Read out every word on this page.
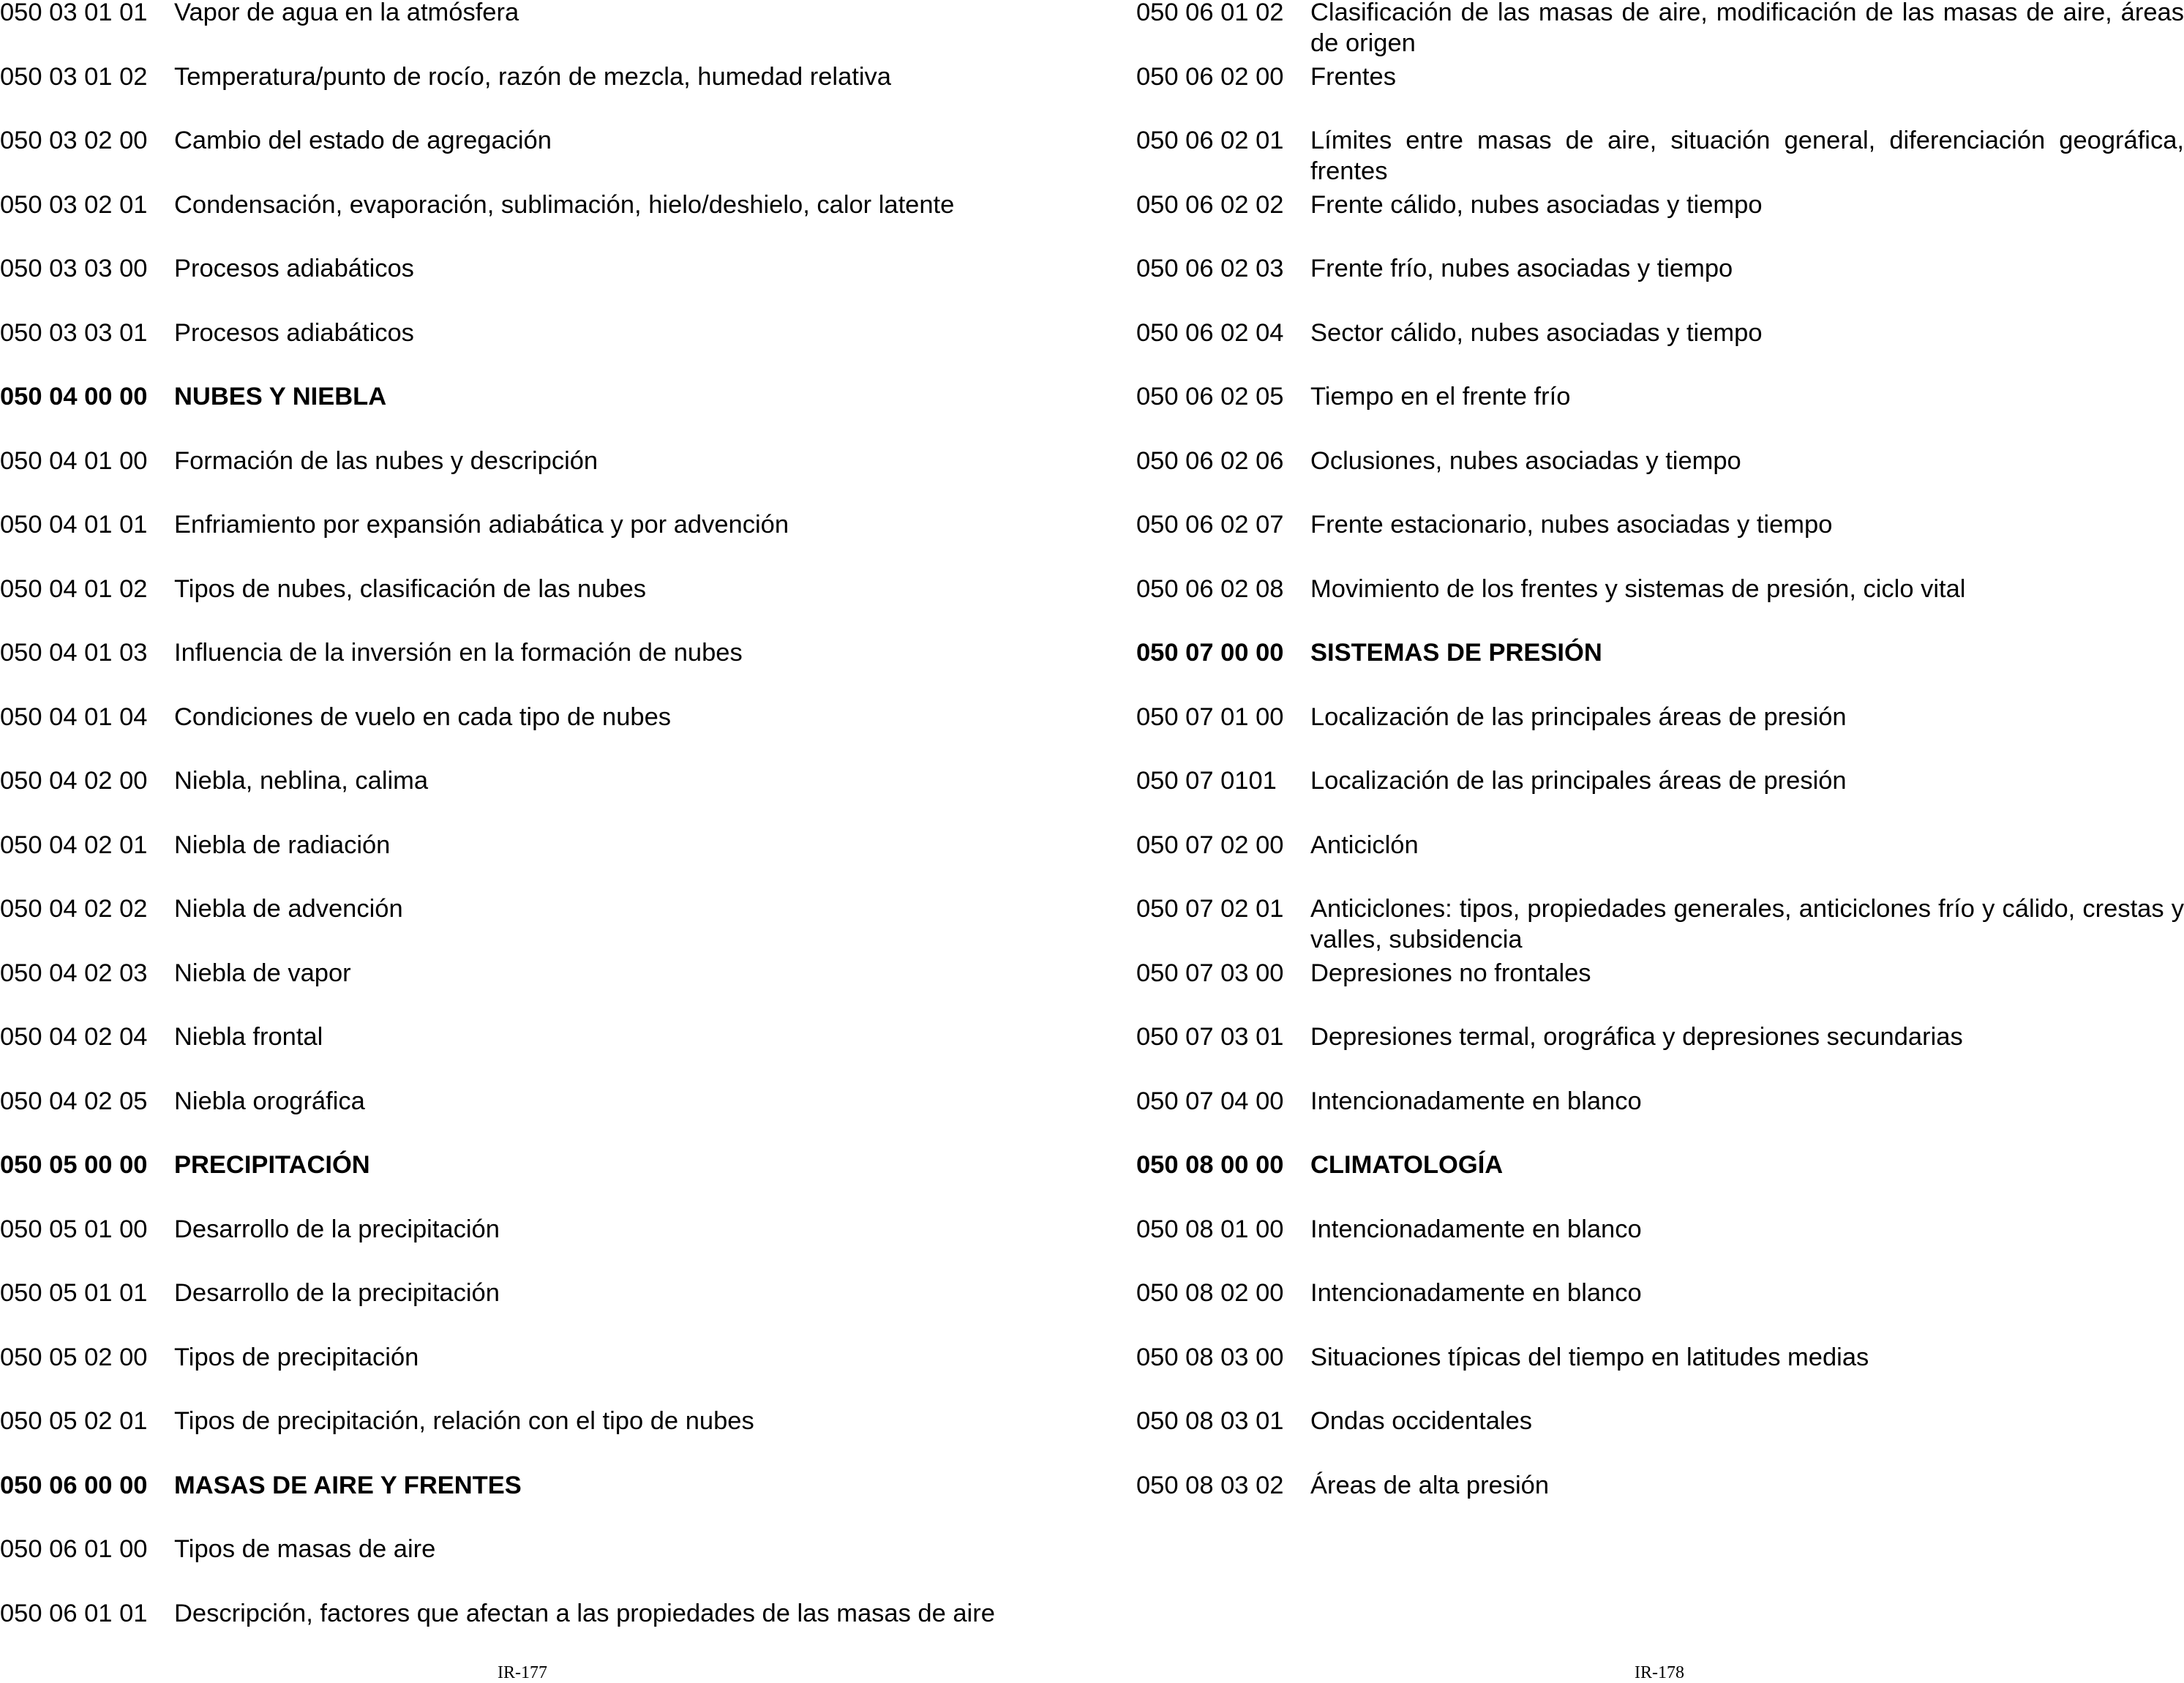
050 03 01 01	Vapor de agua en la atmósfera
050 03 01 02	Temperatura/punto de rocío, razón de mezcla, humedad relativa
050 03 02 00	Cambio del estado de agregación
050 03 02 01	Condensación, evaporación, sublimación, hielo/deshielo, calor latente
050 03 03 00	Procesos adiabáticos
050 03 03 01	Procesos adiabáticos
050 04 00 00	NUBES Y NIEBLA
050 04 01 00	Formación de las nubes y descripción
050 04 01 01	Enfriamiento por expansión adiabática y por advención
050 04 01 02	Tipos de nubes, clasificación de las nubes
050 04 01 03	Influencia de la inversión en la formación de nubes
050 04 01 04	Condiciones de vuelo en cada tipo de nubes
050 04 02 00	Niebla, neblina, calima
050 04 02 01	Niebla de radiación
050 04 02 02	Niebla de advención
050 04 02 03	Niebla de vapor
050 04 02 04	Niebla frontal
050 04 02 05	Niebla orográfica
050 05 00 00	PRECIPITACIÓN
050 05 01 00	Desarrollo de la precipitación
050 05 01 01	Desarrollo de la precipitación
050 05 02 00	Tipos de precipitación
050 05 02 01	Tipos de precipitación, relación con el tipo de nubes
050 06 00 00	MASAS DE AIRE Y FRENTES
050 06 01 00	Tipos de masas de aire
050 06 01 01	Descripción, factores que afectan a las propiedades de las masas de aire
050 06 01 02	Clasificación de las masas de aire, modificación de las masas de aire, áreas de origen
050 06 02 00	Frentes
050 06 02 01	Límites entre masas de aire, situación general, diferenciación geográfica, frentes
050 06 02 02	Frente cálido, nubes asociadas y tiempo
050 06 02 03	Frente frío, nubes asociadas y tiempo
050 06 02 04	Sector cálido, nubes asociadas y tiempo
050 06 02 05	Tiempo en el frente frío
050 06 02 06	Oclusiones, nubes asociadas y tiempo
050 06 02 07	Frente estacionario, nubes asociadas y tiempo
050 06 02 08	Movimiento de los frentes y sistemas de presión, ciclo vital
050 07 00 00	SISTEMAS DE PRESIÓN
050 07 01 00	Localización de las principales áreas de presión
050 07 0101	Localización de las principales áreas de presión
050 07 02 00	Anticiclón
050 07 02 01	Anticiclones: tipos, propiedades generales, anticiclones frío y cálido, crestas y valles, subsidencia
050 07 03 00	Depresiones no frontales
050 07 03 01	Depresiones termal, orográfica y depresiones secundarias
050 07 04 00	Intencionadamente en blanco
050 08 00 00	CLIMATOLOGÍA
050 08 01 00	Intencionadamente en blanco
050 08 02 00	Intencionadamente en blanco
050 08 03 00	Situaciones típicas del tiempo en latitudes medias
050 08 03 01	Ondas occidentales
050 08 03 02	Áreas de alta presión
IR-177	IR-178
